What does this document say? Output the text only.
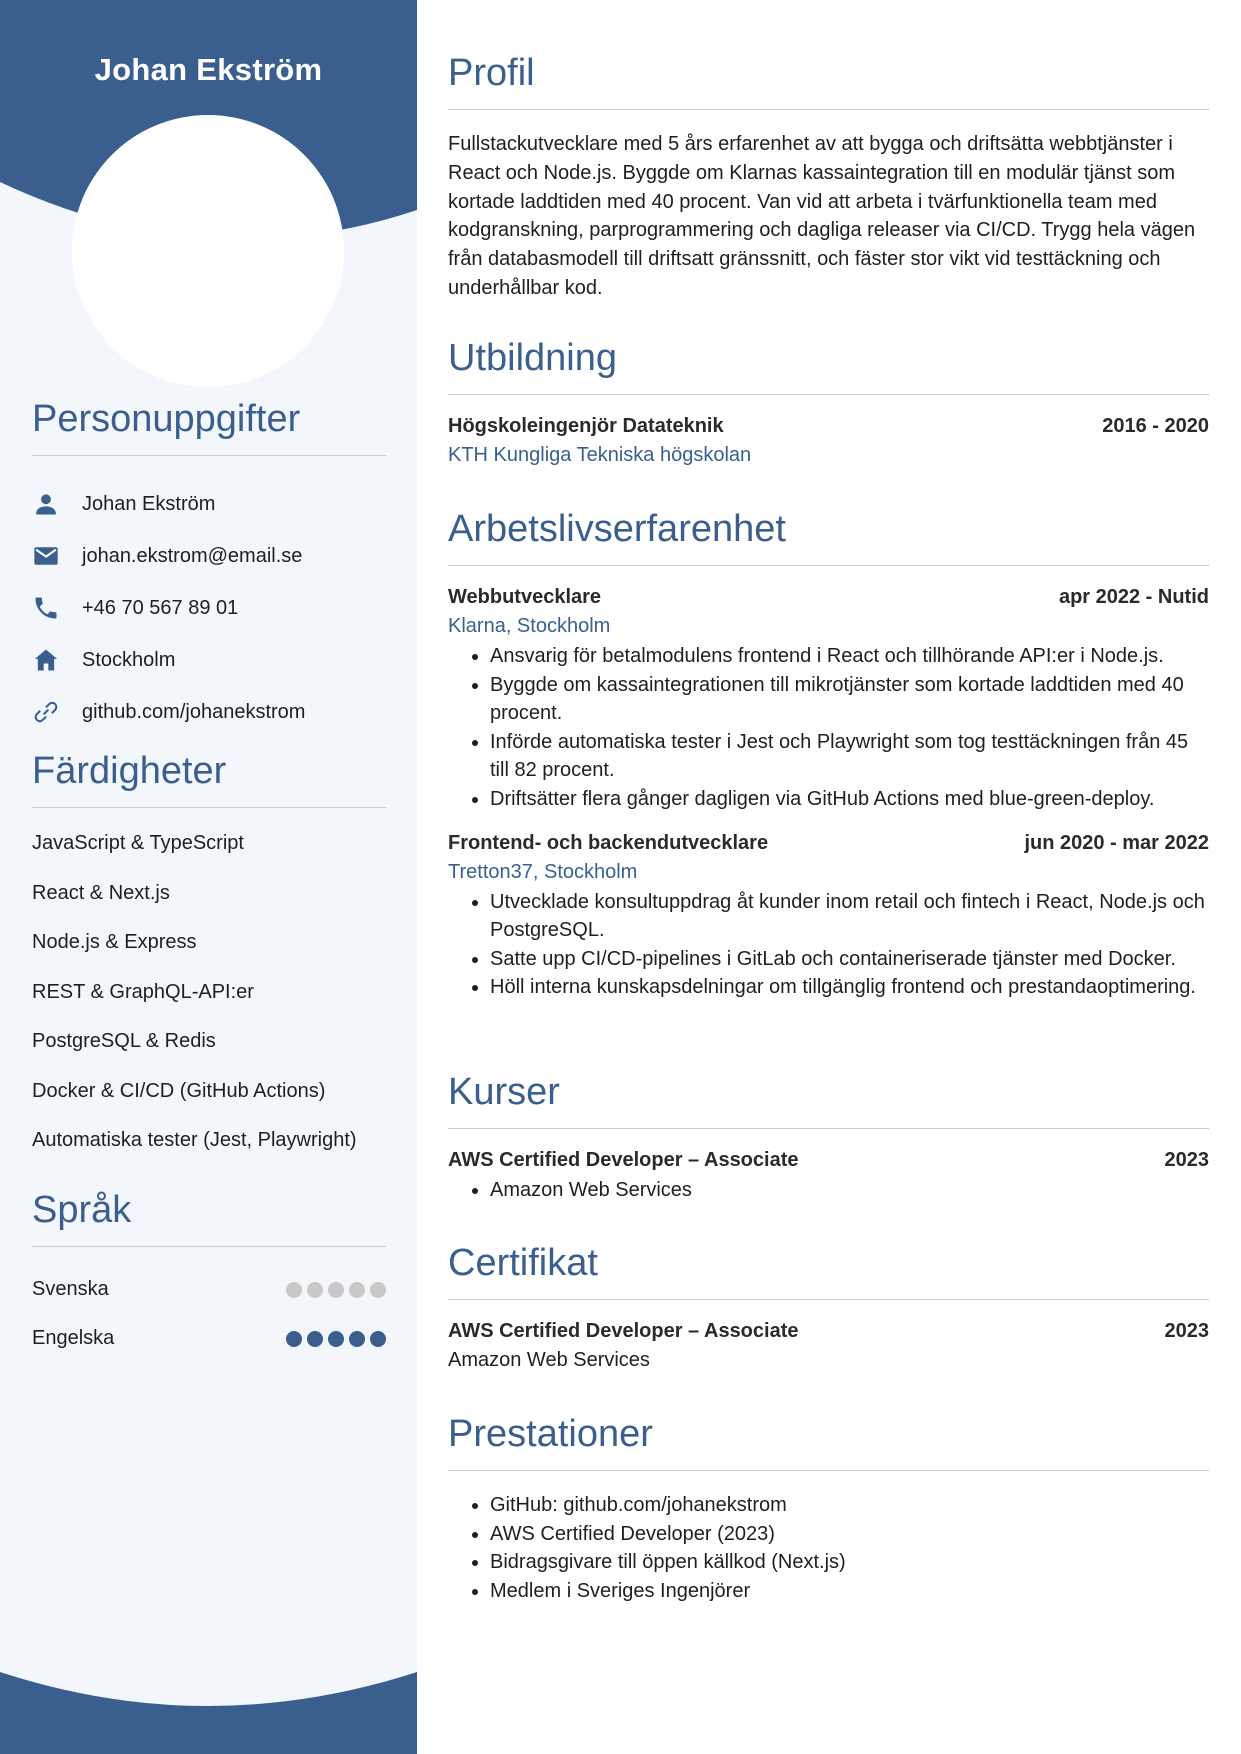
Johan Ekström
Personuppgifter
Johan Ekström
johan.ekstrom@email.se
+46 70 567 89 01
Stockholm
github.com/johanekstrom
Färdigheter
JavaScript & TypeScript
React & Next.js
Node.js & Express
REST & GraphQL-API:er
PostgreSQL & Redis
Docker & CI/CD (GitHub Actions)
Automatiska tester (Jest, Playwright)
Språk
Svenska
Engelska
Profil
Fullstackutvecklare med 5 års erfarenhet av att bygga och driftsätta webbtjänster i React och Node.js. Byggde om Klarnas kassaintegration till en modulär tjänst som kortade laddtiden med 40 procent. Van vid att arbeta i tvärfunktionella team med kodgranskning, parprogrammering och dagliga releaser via CI/CD. Trygg hela vägen från databasmodell till driftsatt gränssnitt, och fäster stor vikt vid testtäckning och underhållbar kod.
Utbildning
Högskoleingenjör Datateknik	2016 - 2020
KTH Kungliga Tekniska högskolan
Arbetslivserfarenhet
Webbutvecklare	apr 2022 - Nutid
Klarna, Stockholm
• Ansvarig för betalmodulens frontend i React och tillhörande API:er i Node.js.
• Byggde om kassaintegrationen till mikrotjänster som kortade laddtiden med 40 procent.
• Införde automatiska tester i Jest och Playwright som tog testtäckningen från 45 till 82 procent.
• Driftsätter flera gånger dagligen via GitHub Actions med blue-green-deploy.
Frontend- och backendutvecklare	jun 2020 - mar 2022
Tretton37, Stockholm
• Utvecklade konsultuppdrag åt kunder inom retail och fintech i React, Node.js och PostgreSQL.
• Satte upp CI/CD-pipelines i GitLab och containeriserade tjänster med Docker.
• Höll interna kunskapsdelningar om tillgänglig frontend och prestandaoptimering.
Kurser
AWS Certified Developer – Associate	2023
• Amazon Web Services
Certifikat
AWS Certified Developer – Associate	2023
Amazon Web Services
Prestationer
• GitHub: github.com/johanekstrom
• AWS Certified Developer (2023)
• Bidragsgivare till öppen källkod (Next.js)
• Medlem i Sveriges Ingenjörer
